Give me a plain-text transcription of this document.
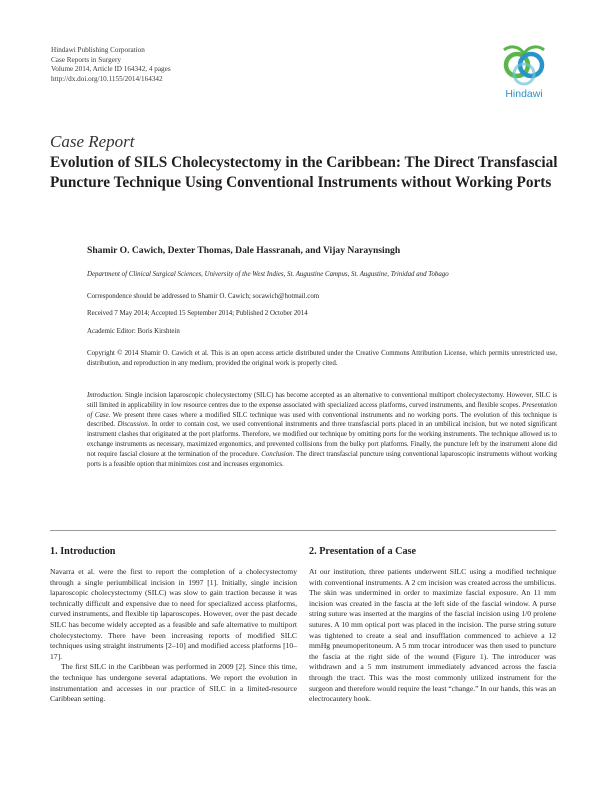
Hindawi Publishing Corporation
Case Reports in Surgery
Volume 2014, Article ID 164342, 4 pages
http://dx.doi.org/10.1155/2014/164342
Hindawi
Case Report
Evolution of SILS Cholecystectomy in the Caribbean: The Direct Transfascial Puncture Technique Using Conventional Instruments without Working Ports
Shamir O. Cawich, Dexter Thomas, Dale Hassranah, and Vijay Naraynsingh
Department of Clinical Surgical Sciences, University of the West Indies, St. Augustine Campus, St. Augustine, Trinidad and Tobago
Correspondence should be addressed to Shamir O. Cawich; socawich@hotmail.com
Received 7 May 2014; Accepted 15 September 2014; Published 2 October 2014
Academic Editor: Boris Kirshtein
Copyright © 2014 Shamir O. Cawich et al. This is an open access article distributed under the Creative Commons Attribution License, which permits unrestricted use, distribution, and reproduction in any medium, provided the original work is properly cited.
Introduction. Single incision laparoscopic cholecystectomy (SILC) has become accepted as an alternative to conventional multiport cholecystectomy. However, SILC is still limited in applicability in low resource centres due to the expense associated with specialized access platforms, curved instruments, and flexible scopes. Presentation of Case. We present three cases where a modified SILC technique was used with conventional instruments and no working ports. The evolution of this technique is described. Discussion. In order to contain cost, we used conventional instruments and three transfascial ports placed in an umbilical incision, but we noted significant instrument clashes that originated at the port platforms. Therefore, we modified our technique by omitting ports for the working instruments. The technique allowed us to exchange instruments as necessary, maximized ergonomics, and prevented collisions from the bulky port platforms. Finally, the puncture left by the instrument alone did not require fascial closure at the termination of the procedure. Conclusion. The direct transfascial puncture using conventional laparoscopic instruments without working ports is a feasible option that minimizes cost and increases ergonomics.
1. Introduction

Navarra et al. were the first to report the completion of a cholecystectomy through a single periumbilical incision in 1997 [1]. Initially, single incision laparoscopic cholecystectomy (SILC) was slow to gain traction because it was technically difficult and expensive due to need for specialized access platforms, curved instruments, and flexible tip laparoscopes. However, over the past decade SILC has become widely accepted as a feasible and safe alternative to multiport cholecystectomy. There have been increasing reports of modified SILC techniques using straight instruments [2–10] and modified access platforms [10–17].

The first SILC in the Caribbean was performed in 2009 [2]. Since this time, the technique has undergone several adaptations. We report the evolution in instrumentation and accesses in our practice of SILC in a limited-resource Caribbean setting.

2. Presentation of a Case

At our institution, three patients underwent SILC using a modified technique with conventional instruments. A 2 cm incision was created across the umbilicus. The skin was undermined in order to maximize fascial exposure. An 11 mm incision was created in the fascia at the left side of the fascial window. A purse string suture was inserted at the margins of the fascial incision using 1/0 prolene sutures. A 10 mm optical port was placed in the incision. The purse string suture was tightened to create a seal and insufflation commenced to achieve a 12 mmHg pneumoperitoneum. A 5 mm trocar introducer was then used to puncture the fascia at the right side of the wound (Figure 1). The introducer was withdrawn and a 5 mm instrument immediately advanced across the fascia through the tract. This was the most commonly utilized instrument for the surgeon and therefore would require the least “change.” In our hands, this was an electrocautery hook.
